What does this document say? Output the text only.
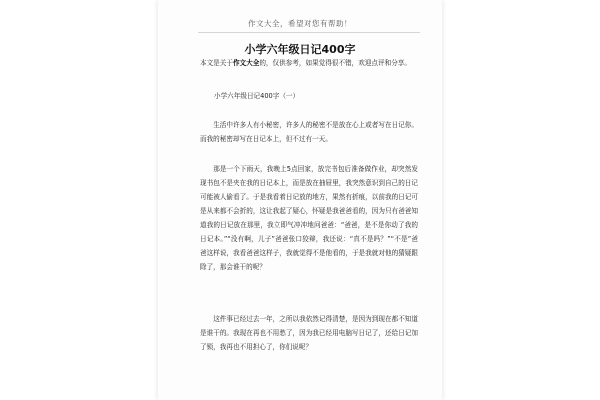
作文大全，希望对您有帮助！
小学六年级日记400字
本文是关于作文大全的，仅供参考，如果觉得很不错，欢迎点评和分享。
小学六年级日记400字（一）
生活中许多人有小秘密，许多人的秘密不是放在心上或者写在日记你。而我的秘密却写在日记本上，但不过有一天。
那是一个下雨天，我晚上5点回家，放完书包后准备做作业，却突然发现书包不是夹在我的日记本上，而是放在抽屉里，我突然意识到自己的日记可能被人偷看了。于是我看着日记放的地方，果然有折痕，以前我的日记可是从来都不会折的，这让我起了疑心，怀疑是我爸爸看的，因为只有爸爸知道我的日记放在那里，我立即气冲冲地问爸爸：“爸爸，是不是你动了我的日记本。”“没有啊，儿子”爸爸张口狡辩，我还说：“真不是吗？”“不是”爸爸这样说，我看爸爸这样子，我就觉得不是他看的，于是我就对他的猜疑跟除了，那会谁干的呢？
这件事已经过去一年，之所以我依然记得清楚，是因为到现在都不知道是谁干的。我现在再也不用愁了，因为我已经用电脑写日记了，还给日记加了锁，我再也不用担心了，你们说呢？
